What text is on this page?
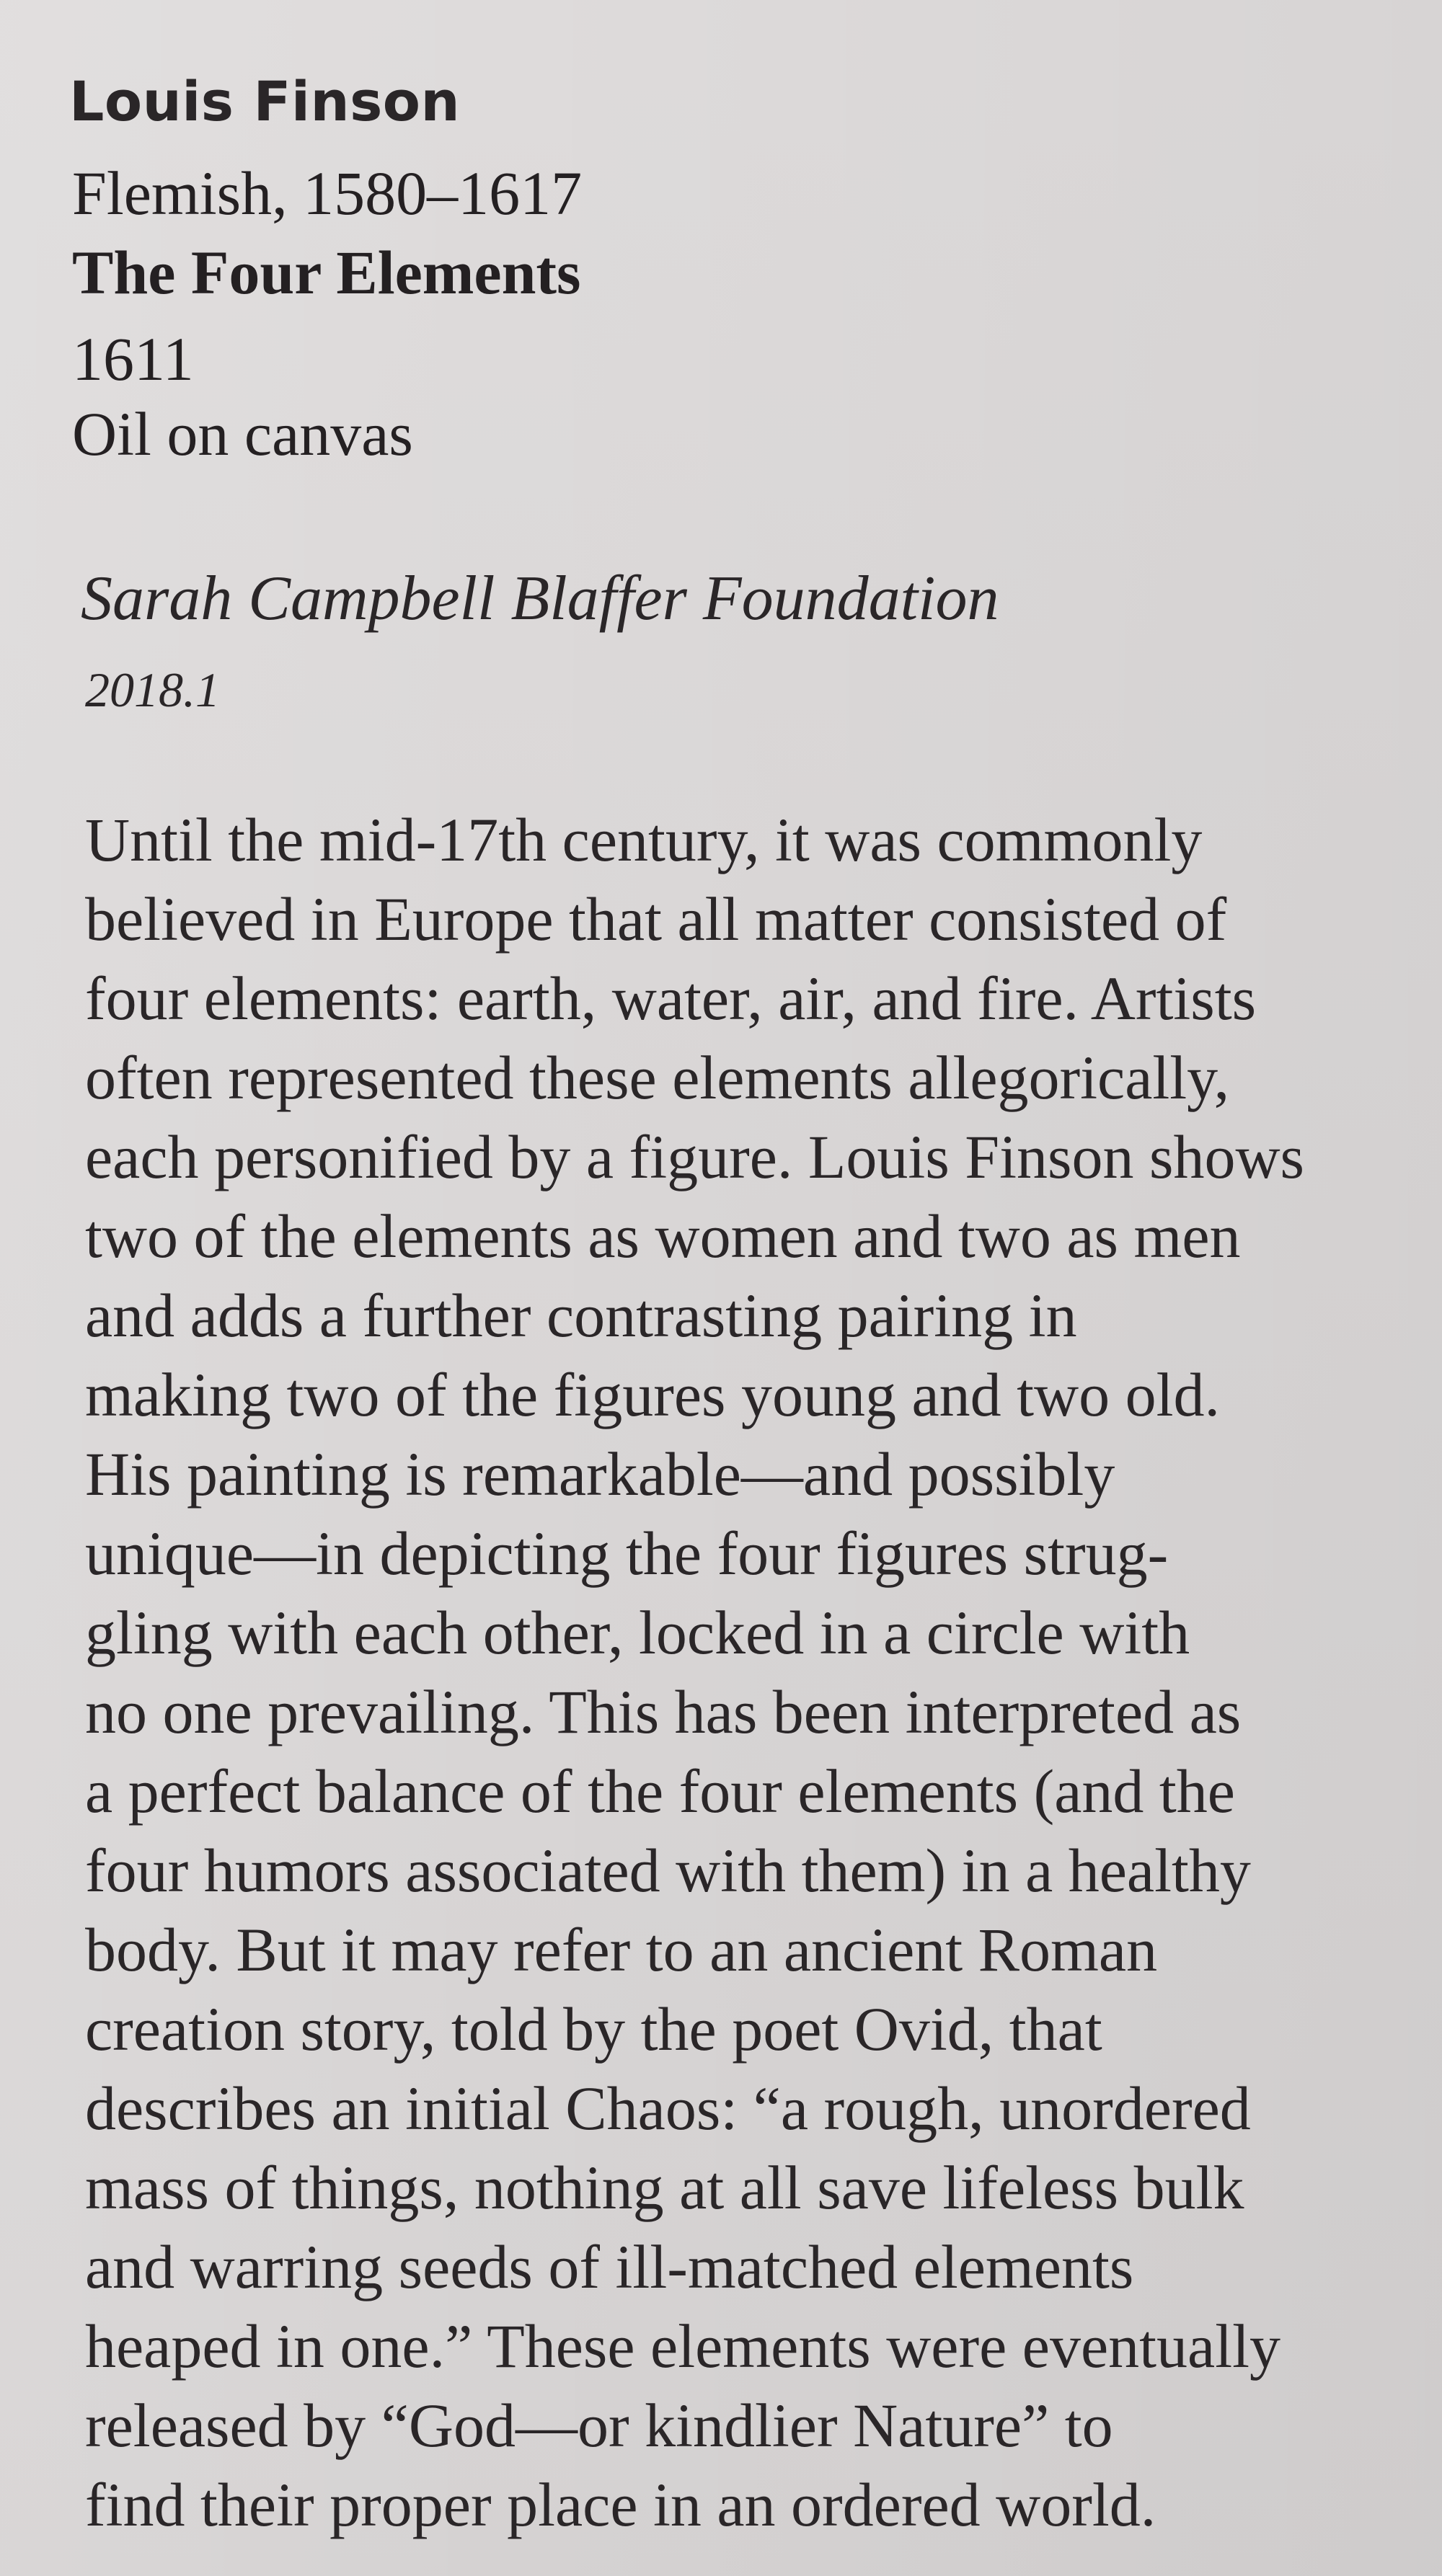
Louis Finson
Flemish, 1580–1617
The Four Elements
1611
Oil on canvas
Sarah Campbell Blaffer Foundation
2018.1
Until the mid-17th century, it was commonly
believed in Europe that all matter consisted of
four elements: earth, water, air, and fire. Artists
often represented these elements allegorically,
each personified by a figure. Louis Finson shows
two of the elements as women and two as men
and adds a further contrasting pairing in
making two of the figures young and two old.
His painting is remarkable—and possibly
unique—in depicting the four figures strug-
gling with each other, locked in a circle with
no one prevailing. This has been interpreted as
a perfect balance of the four elements (and the
four humors associated with them) in a healthy
body. But it may refer to an ancient Roman
creation story, told by the poet Ovid, that
describes an initial Chaos: “a rough, unordered
mass of things, nothing at all save lifeless bulk
and warring seeds of ill-matched elements
heaped in one.” These elements were eventually
released by “God—or kindlier Nature” to
find their proper place in an ordered world.
